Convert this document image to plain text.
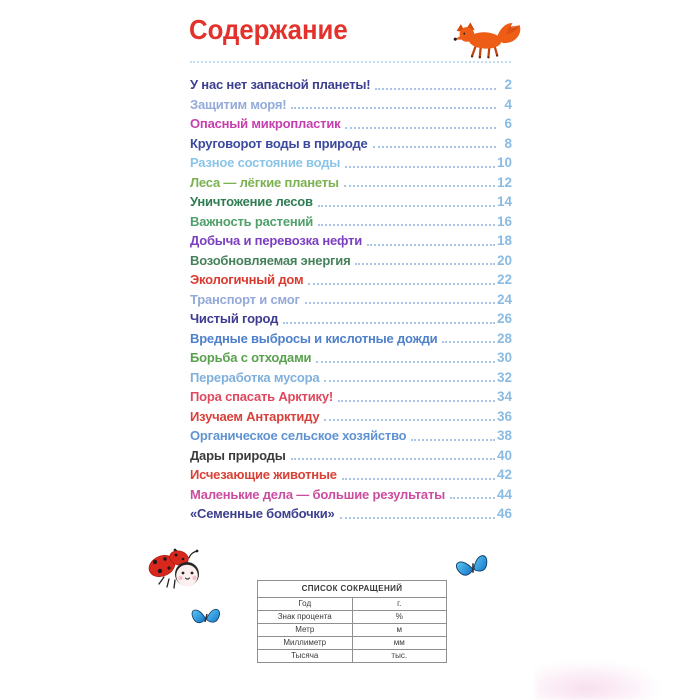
Содержание
У нас нет запасной планеты!	2
Защитим моря!	4
Опасный микропластик	6
Круговорот воды в природе	8
Разное состояние воды	10
Леса — лёгкие планеты	12
Уничтожение лесов	14
Важность растений	16
Добыча и перевозка нефти	18
Возобновляемая энергия	20
Экологичный дом	22
Транспорт и смог	24
Чистый город	26
Вредные выбросы и кислотные дожди	28
Борьба с отходами	30
Переработка мусора	32
Пора спасать Арктику!	34
Изучаем Антарктиду	36
Органическое сельское хозяйство	38
Дары природы	40
Исчезающие животные	42
Маленькие дела — большие результаты	44
«Семенные бомбочки»	46
СПИСОК СОКРАЩЕНИЙ	
Год	г.
Знак процента	%
Метр	м
Миллиметр	мм
Тысяча	тыс.
